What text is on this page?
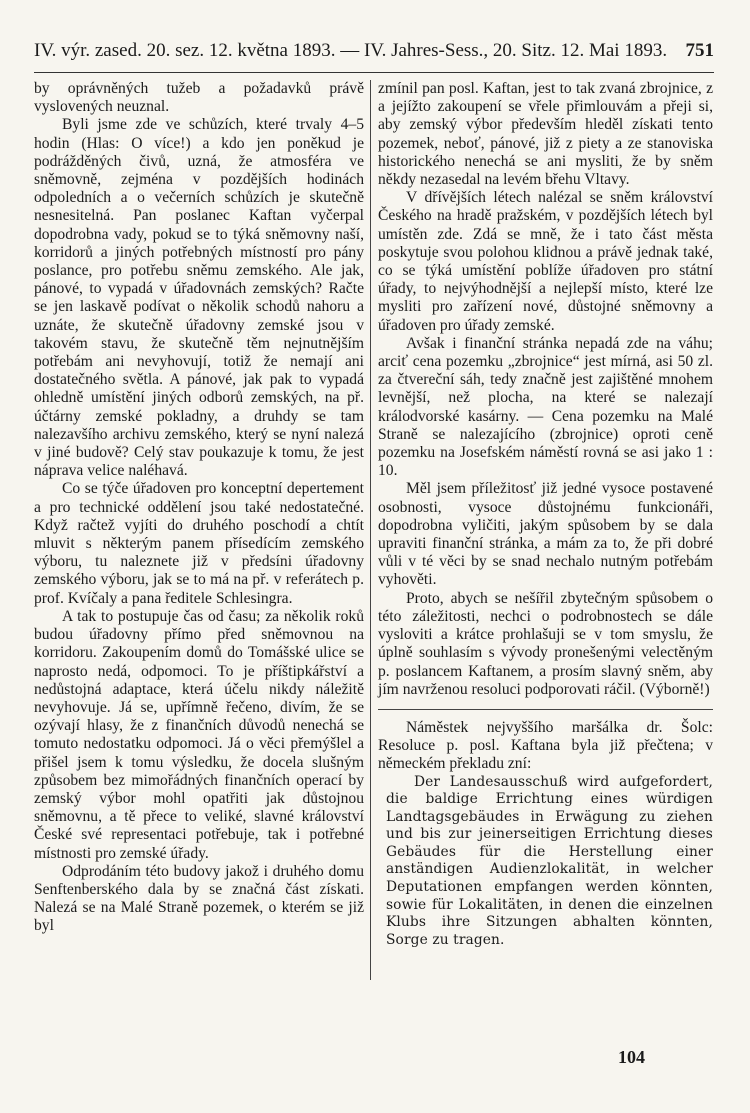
IV. výr. zased. 20. sez. 12. května 1893. — IV. Jahres-Sess., 20. Sitz. 12. Mai 1893. 751

by oprávněných tužeb a požadavků právě vyslovených neuznal.

Byli jsme zde ve schůzích, které trvaly 4–5 hodin (Hlas: O více!) a kdo jen poněkud je podrážděných čivů, uzná, že atmosféra ve sněmovně, zejména v pozdějších hodinách odpoledních a o večerních schůzích je skutečně nesnesitelná. Pan poslanec Kaftan vyčerpal dopodrobna vady, pokud se to týká sněmovny naší, korridorů a jiných potřebných místností pro pány poslance, pro potřebu sněmu zemského. Ale jak, pánové, to vypadá v úřadovnách zemských? Račte se jen laskavě podívat o několik schodů nahoru a uznáte, že skutečně úřadovny zemské jsou v takovém stavu, že skutečně těm nejnutnějším potřebám ani nevyhovují, totiž že nemají ani dostatečného světla. A pánové, jak pak to vypadá ohledně umístění jiných odborů zemských, na př. účtárny zemské pokladny, a druhdy se tam nalezavšího archivu zemského, který se nyní nalezá v jiné budově? Celý stav poukazuje k tomu, že jest náprava velice naléhavá.

Co se týče úřadoven pro konceptní depertement a pro technické oddělení jsou také nedostatečné. Když račtež vyjíti do druhého poschodí a chtít mluvit s některým panem přísedícím zemského výboru, tu naleznete již v předsíni úřadovny zemského výboru, jak se to má na př. v referátech p. prof. Kvíčaly a pana ředitele Schlesingra.

A tak to postupuje čas od času; za několik roků budou úřadovny přímo před sněmovnou na korridoru. Zakoupením domů do Tomášské ulice se naprosto nedá, odpomoci. To je příštipkářství a nedůstojná adaptace, která účelu nikdy náležitě nevyhovuje. Já se, upřímně řečeno, divím, že se ozývají hlasy, že z finančních důvodů nenechá se tomuto nedostatku odpomoci. Já o věci přemýšlel a přišel jsem k tomu výsledku, že docela slušným způsobem bez mimořádných finančních operací by zemský výbor mohl opatřiti jak důstojnou sněmovnu, a tě přece to veliké, slavné království České své representaci potřebuje, tak i potřebné místnosti pro zemské úřady.

Odprodáním této budovy jakož i druhého domu Senftenberského dala by se značná část získati. Nalezá se na Malé Straně pozemek, o kterém se již byl

zmínil pan posl. Kaftan, jest to tak zvaná zbrojnice, z a jejížto zakoupení se vřele přimlouvám a přeji si, aby zemský výbor především hleděl získati tento pozemek, neboť, pánové, již z piety a ze stanoviska historického nenechá se ani mysliti, že by sněm někdy nezasedal na levém břehu Vltavy.

V dřívějších létech nalézal se sněm království Českého na hradě pražském, v pozdějších létech byl umístěn zde. Zdá se mně, že i tato část města poskytuje svou polohou klidnou a právě jednak také, co se týká umístění poblíže úřadoven pro státní úřady, to nejvýhodnější a nejlepší místo, které lze mysliti pro zařízení nové, důstojné sněmovny a úřadoven pro úřady zemské.

Avšak i finanční stránka nepadá zde na váhu; arciť cena pozemku „zbrojnice“ jest mírná, asi 50 zl. za čtvereční sáh, tedy značně jest zajištěné mnohem levnější, než plocha, na které se nalezají králodvorské kasárny. — Cena pozemku na Malé Straně se nalezajícího (zbrojnice) oproti ceně pozemku na Josefském náměstí rovná se asi jako 1 : 10.

Měl jsem příležitosť již jedné vysoce postavené osobnosti, vysoce důstojnému funkcionáři, dopodrobna vyličiti, jakým spůsobem by se dala upraviti finanční stránka, a mám za to, že při dobré vůli v té věci by se snad nechalo nutným potřebám vyhověti.

Proto, abych se nešířil zbytečným spůsobem o této záležitosti, nechci o podrobnostech se dále vysloviti a krátce prohlašuji se v tom smyslu, že úplně souhlasím s vývody pronešenými velectěným p. poslancem Kaftanem, a prosím slavný sněm, aby jím navrženou resoluci podporovati ráčil. (Výborně!)

Náměstek nejvyššího maršálka dr. Šolc: Resoluce p. posl. Kaftana byla již přečtena; v německém překladu zní:

Der Landesausschuß wird aufgefordert, die baldige Errichtung eines würdigen Landtagsgebäudes in Erwägung zu ziehen und bis zur jeinerseitigen Errichtung dieses Gebäudes für die Herstellung einer anständigen Audienzlokalität, in welcher Deputationen empfangen werden könnten, sowie für Lokalitäten, in denen die einzelnen Klubs ihre Sitzungen abhalten könnten, Sorge zu tragen.

104
